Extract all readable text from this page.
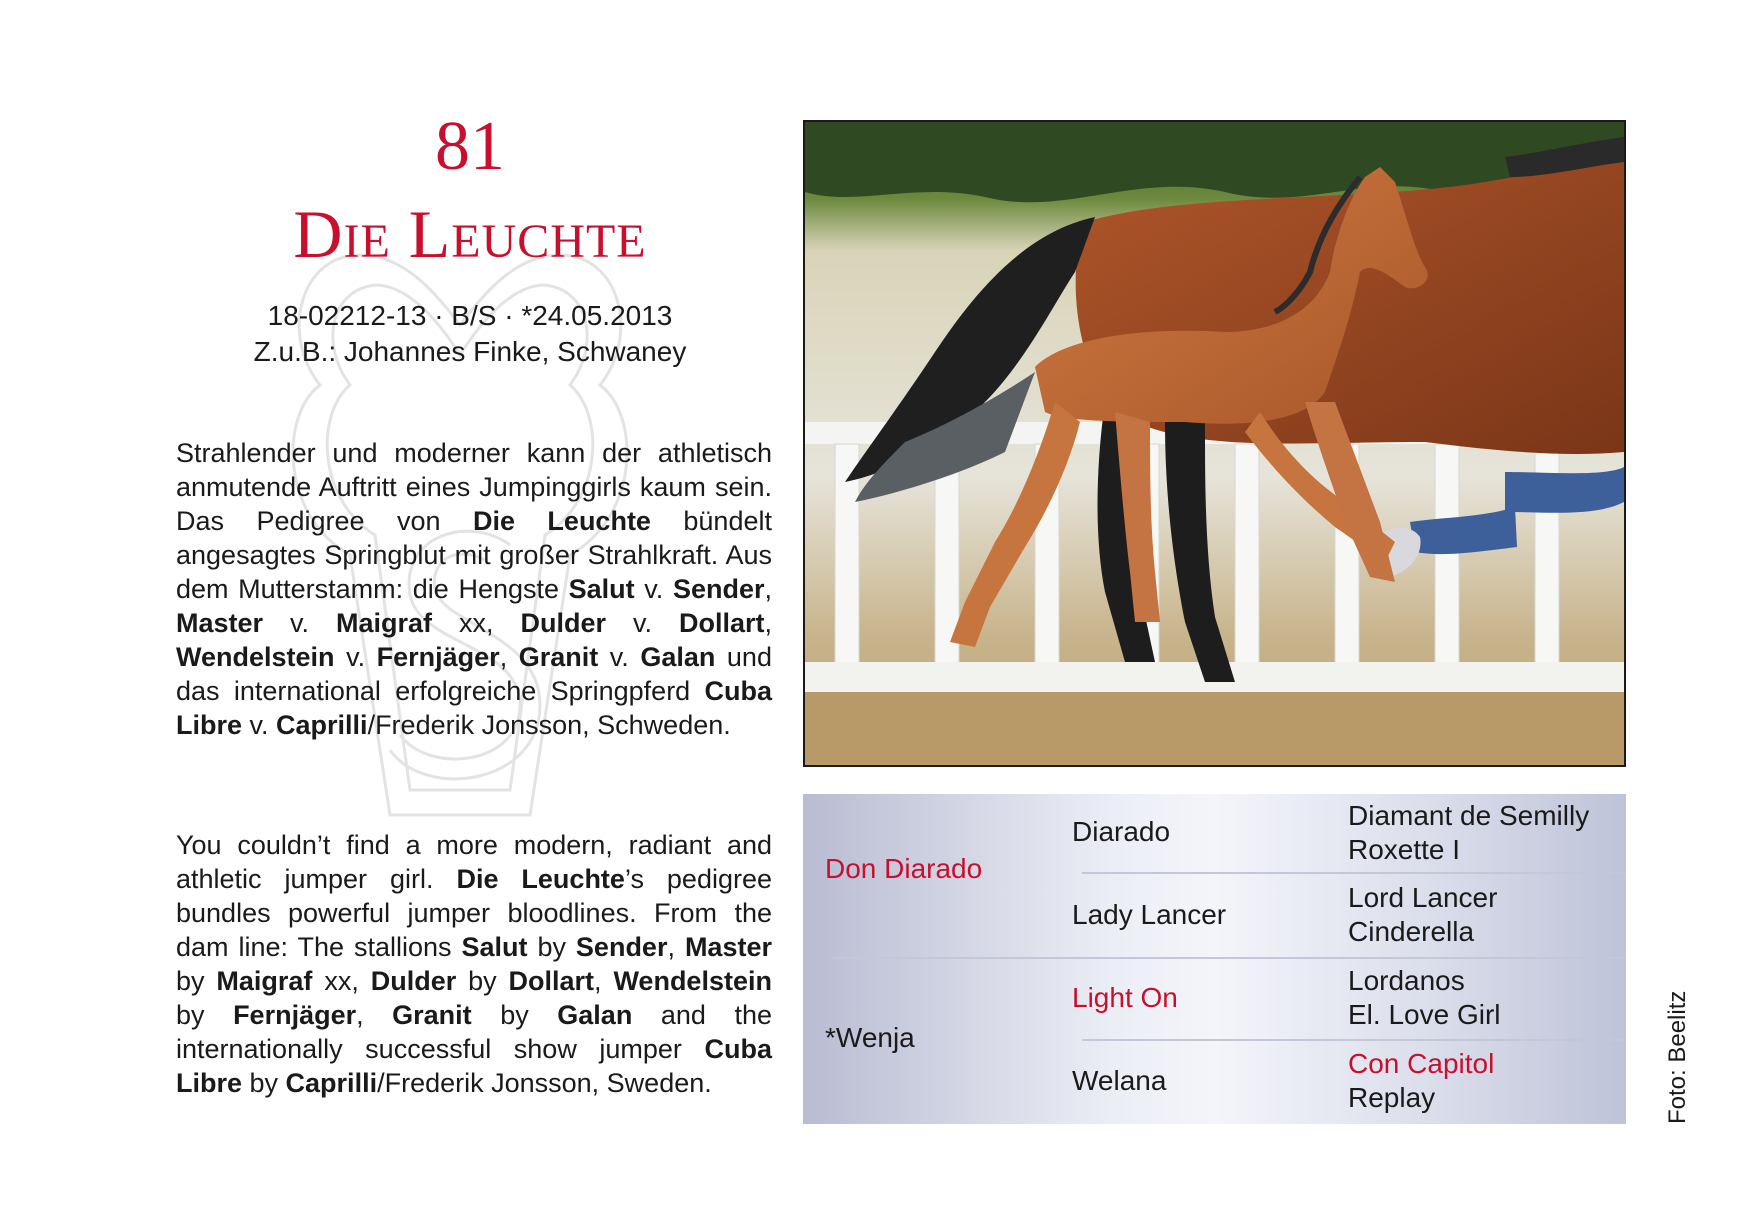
81
Die Leuchte
18-02212-13 · B/S · *24.05.2013
Z.u.B.: Johannes Finke, Schwaney
Strahlender und moderner kann der athletisch anmutende Auftritt eines Jumpinggirls kaum sein. Das Pedigree von Die Leuchte bündelt angesagtes Springblut mit großer Strahlkraft. Aus dem Mutterstamm: die Hengste Salut v. Sender, Master v. Maigraf xx, Dulder v. Dollart, Wendelstein v. Fernjäger, Granit v. Galan und das international erfolgreiche Springpferd Cuba Libre v. Caprilli/Frederik Jonsson, Schweden.
You couldn’t find a more modern, radiant and athletic jumper girl. Die Leuchte’s pedigree bundles powerful jumper bloodlines. From the dam line: The stallions Salut by Sender, Master by Maigraf xx, Dulder by Dollart, Wendelstein by Fernjäger, Granit by Galan and the internationally successful show jumper Cuba Libre by Caprilli/Frederik Jonsson, Sweden.
Don Diarado
*Wenja
Diarado
Lady Lancer
Light On
Welana
Diamant de Semilly
Roxette I
Lord Lancer
Cinderella
Lordanos
El. Love Girl
Con Capitol
Replay	Foto: Beelitz
